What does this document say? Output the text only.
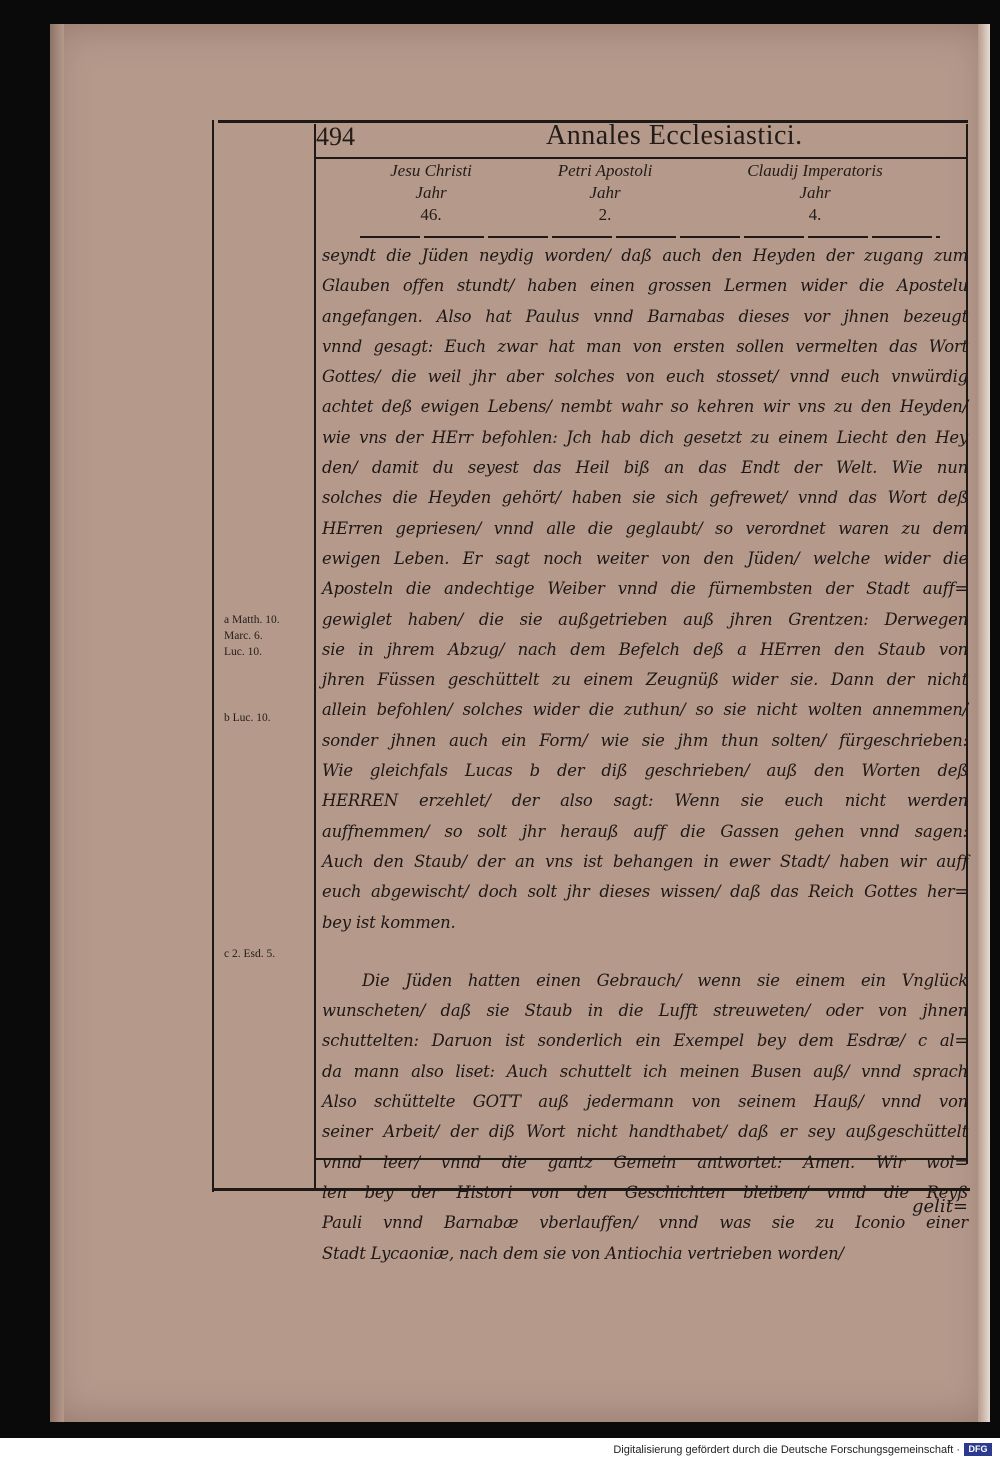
494	Annales Ecclesiastici.
Jesu Christi
Jahr
46.
Petri Apostoli
Jahr
2.
Claudij Imperatoris
Jahr
4.
seyndt die Jüden neydig worden/ daß auch den Heyden der zugang zum
Glauben offen stundt/ haben einen grossen Lermen wider die Apostelu
angefangen. Also hat Paulus vnnd Barnabas dieses vor jhnen bezeugt
vnnd gesagt: Euch zwar hat man von ersten sollen vermelten das Wort
Gottes/ die weil jhr aber solches von euch stosset/ vnnd euch vnwürdig
achtet deß ewigen Lebens/ nembt wahr so kehren wir vns zu den Heyden/
wie vns der HErr befohlen: Jch hab dich gesetzt zu einem Liecht den Hey
den/ damit du seyest das Heil biß an das Endt der Welt. Wie nun
solches die Heyden gehört/ haben sie sich gefrewet/ vnnd das Wort deß
HErren gepriesen/ vnnd alle die geglaubt/ so verordnet waren zu dem
ewigen Leben. Er sagt noch weiter von den Jüden/ welche wider die
Aposteln die andechtige Weiber vnnd die fürnembsten der Stadt auff=
gewiglet haben/ die sie außgetrieben auß jhren Grentzen: Derwegen
sie in jhrem Abzug/ nach dem Befelch deß a HErren den Staub von
jhren Füssen geschüttelt zu einem Zeugnüß wider sie. Dann der nicht
allein befohlen/ solches wider die zuthun/ so sie nicht wolten annemmen/
sonder jhnen auch ein Form/ wie sie jhm thun solten/ fürgeschrieben:
Wie gleichfals Lucas b der diß geschrieben/ auß den Worten deß
HERREN erzehlet/ der also sagt: Wenn sie euch nicht werden
auffnemmen/ so solt jhr herauß auff die Gassen gehen vnnd sagen:
Auch den Staub/ der an vns ist behangen in ewer Stadt/ haben wir auff
euch abgewischt/ doch solt jhr dieses wissen/ daß das Reich Gottes her=
bey ist kommen.
Die Jüden hatten einen Gebrauch/ wenn sie einem ein Vnglück
wunscheten/ daß sie Staub in die Lufft streuweten/ oder von jhnen
schuttelten: Daruon ist sonderlich ein Exempel bey dem Esdræ/ c al=
da mann also liset: Auch schuttelt ich meinen Busen auß/ vnnd sprach
Also schüttelte GOTT auß jedermann von seinem Hauß/ vnnd von
seiner Arbeit/ der diß Wort nicht handthabet/ daß er sey außgeschüttelt
vnnd leer/ vnnd die gantz Gemein antwortet: Amen. Wir wol=
len bey der Histori von den Geschichten bleiben/ vnnd die Reyß
Pauli vnnd Barnabæ vberlauffen/ vnnd was sie zu Iconio einer
Stadt Lycaoniæ, nach dem sie von Antiochia vertrieben worden/
a Matth. 10.
Marc. 6.
Luc. 10.
b Luc. 10.
c 2. Esd. 5.
gelit=
Digitalisierung gefördert durch die Deutsche Forschungsgemeinschaft · DFG
